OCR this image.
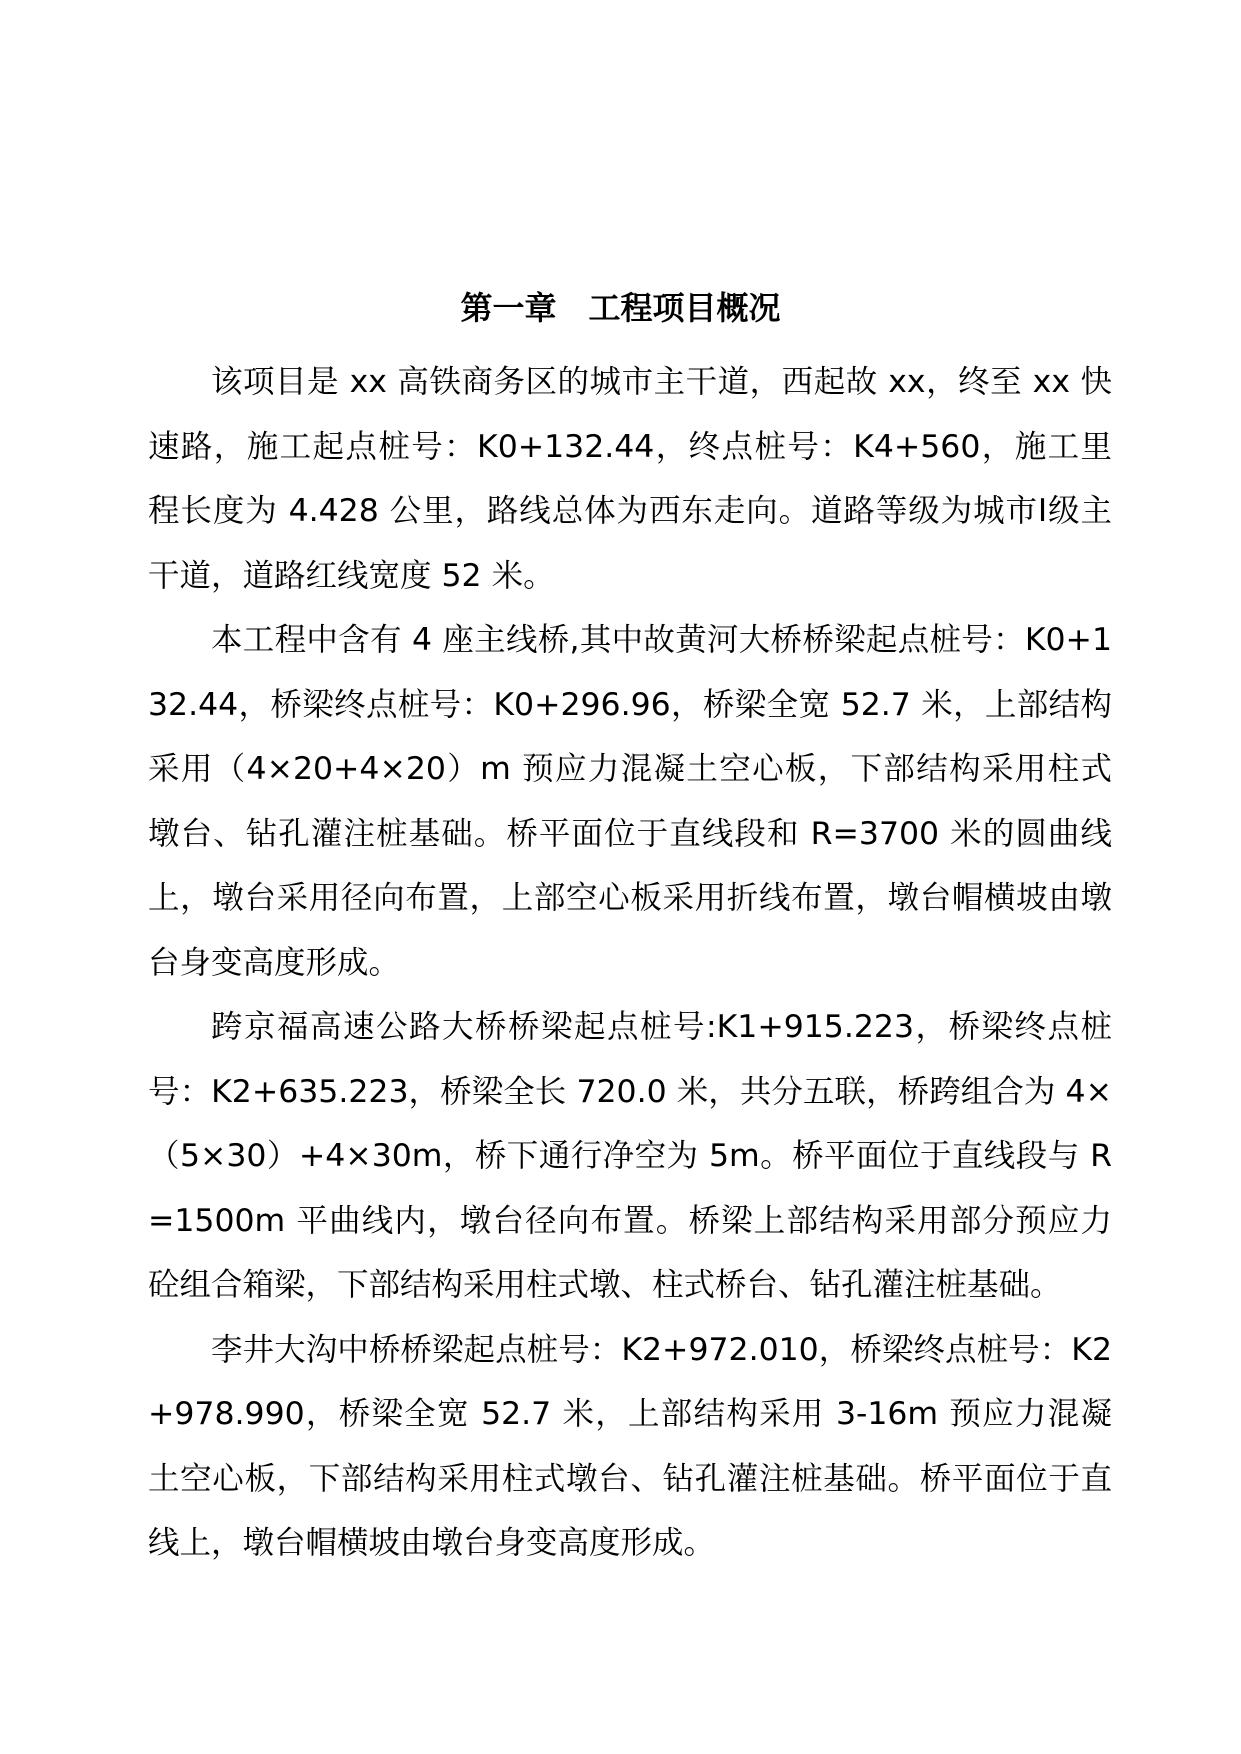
第一章　工程项目概况

该项目是 xx 高铁商务区的城市主干道，西起故 xx，终至 xx 快速路，施工起点桩号：K0+132.44，终点桩号：K4+560，施工里程长度为 4.428 公里，路线总体为西东走向。道路等级为城市Ⅰ级主干道，道路红线宽度 52 米。

本工程中含有 4 座主线桥,其中故黄河大桥桥梁起点桩号：K0+132.44，桥梁终点桩号：K0+296.96，桥梁全宽 52.7 米，上部结构采用（4×20+4×20）m 预应力混凝土空心板，下部结构采用柱式墩台、钻孔灌注桩基础。桥平面位于直线段和 R=3700 米的圆曲线上，墩台采用径向布置，上部空心板采用折线布置，墩台帽横坡由墩台身变高度形成。

跨京福高速公路大桥桥梁起点桩号:K1+915.223，桥梁终点桩号：K2+635.223，桥梁全长 720.0 米，共分五联，桥跨组合为 4×（5×30）+4×30m，桥下通行净空为 5m。桥平面位于直线段与 R=1500m 平曲线内，墩台径向布置。桥梁上部结构采用部分预应力砼组合箱梁，下部结构采用柱式墩、柱式桥台、钻孔灌注桩基础。

李井大沟中桥桥梁起点桩号：K2+972.010，桥梁终点桩号：K2+978.990，桥梁全宽 52.7 米，上部结构采用 3-16m 预应力混凝土空心板，下部结构采用柱式墩台、钻孔灌注桩基础。桥平面位于直线上，墩台帽横坡由墩台身变高度形成。
